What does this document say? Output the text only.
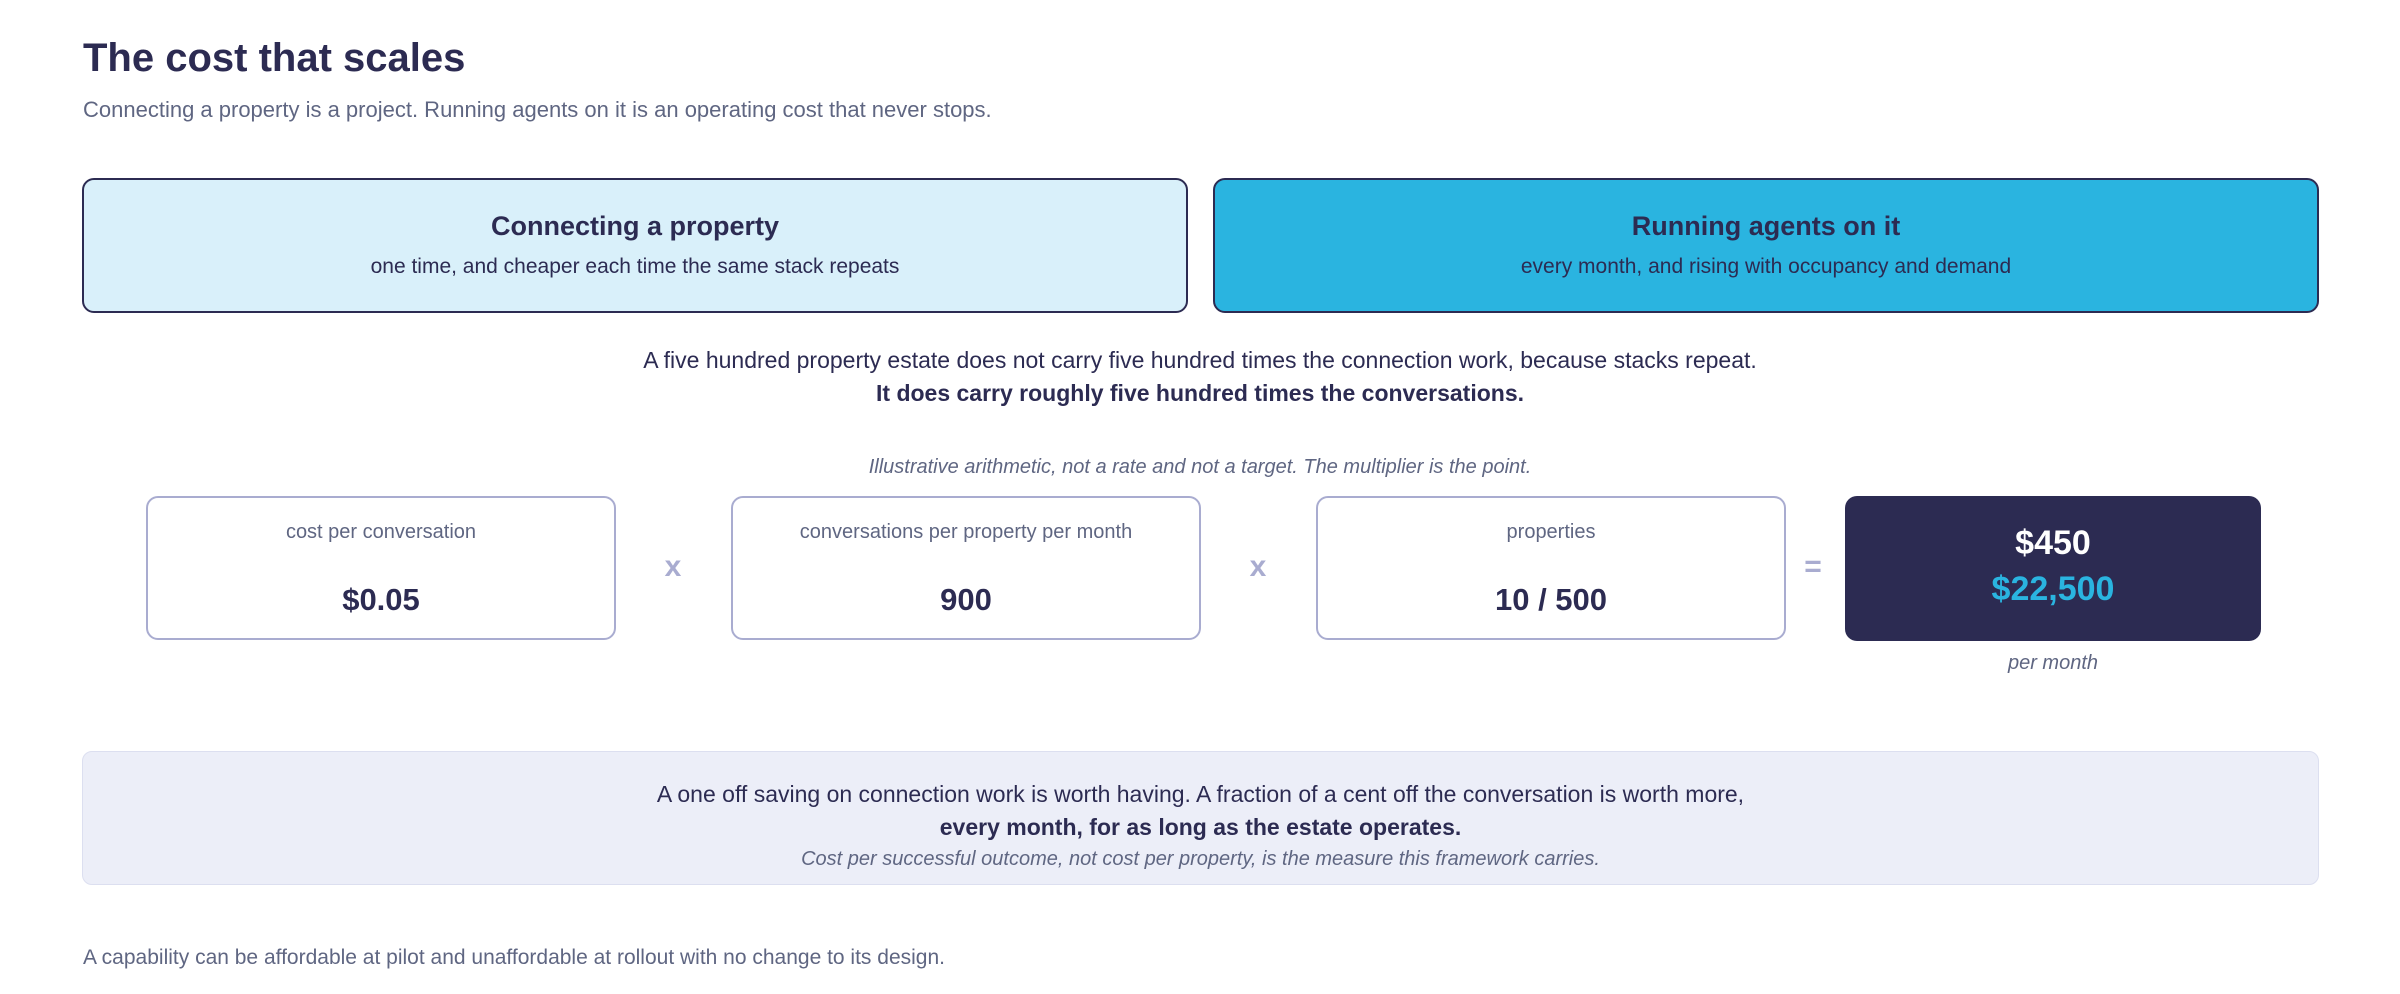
The cost that scales

Connecting a property is a project. Running agents on it is an operating cost that never stops.

Connecting a property
one time, and cheaper each time the same stack repeats
Running agents on it
every month, and rising with occupancy and demand

A five hundred property estate does not carry five hundred times the connection work, because stacks repeat.

It does carry roughly five hundred times the conversations.

Illustrative arithmetic, not a rate and not a target. The multiplier is the point.

cost per conversation
$0.05
x
conversations per property per month
900
x
properties
10 / 500
=
$450
$22,500
per month
A one off saving on connection work is worth having. A fraction of a cent off the conversation is worth more,
every month, for as long as the estate operates.
Cost per successful outcome, not cost per property, is the measure this framework carries.

A capability can be affordable at pilot and unaffordable at rollout with no change to its design.
